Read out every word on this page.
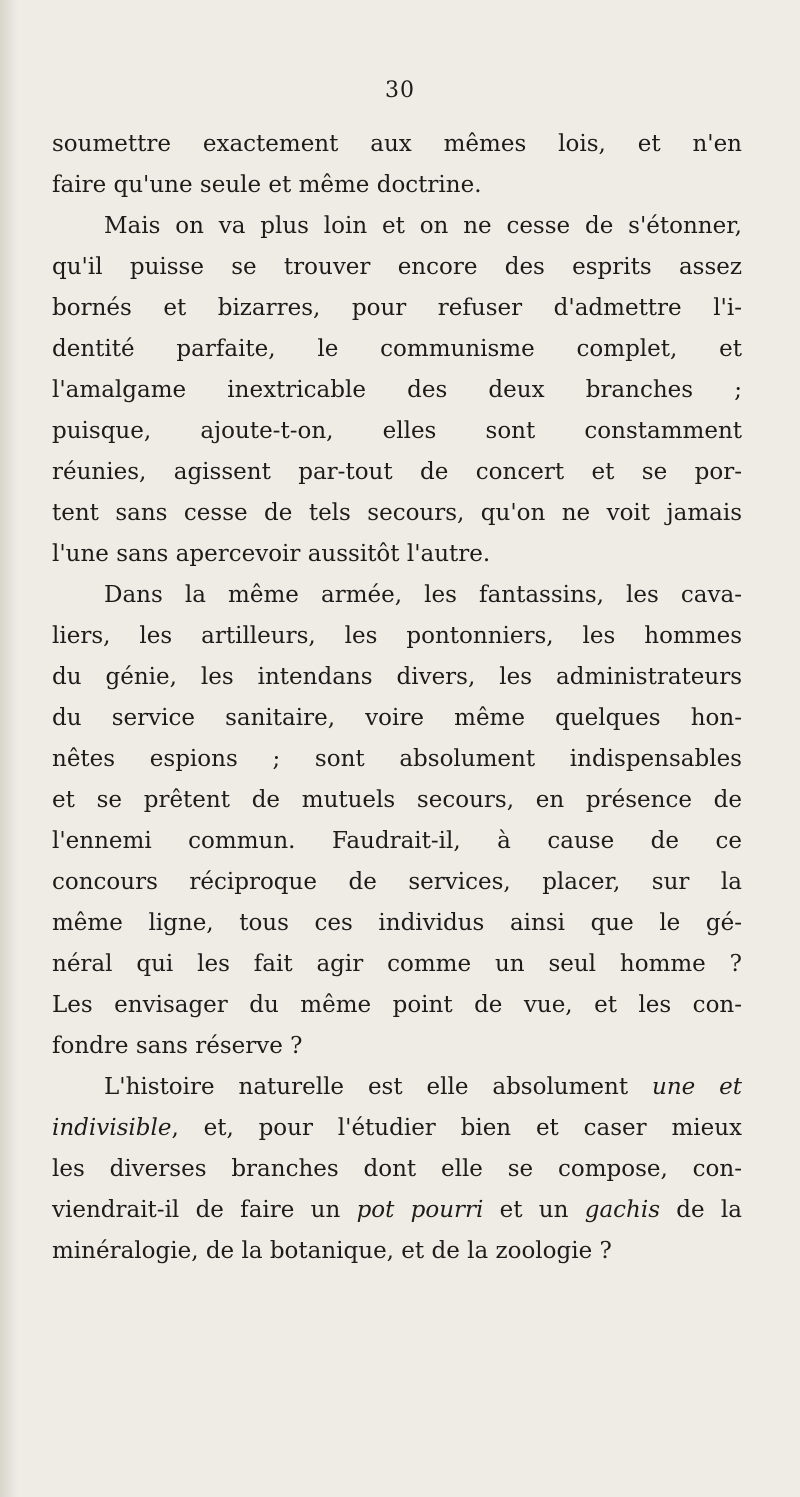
30
soumettre exactement aux mêmes lois, et n'en
faire qu'une seule et même doctrine.
Mais on va plus loin et on ne cesse de s'étonner,
qu'il puisse se trouver encore des esprits assez
bornés et bizarres, pour refuser d'admettre l'i-
dentité parfaite, le communisme complet, et
l'amalgame inextricable des deux branches ;
puisque, ajoute-t-on, elles sont constamment
réunies, agissent par-tout de concert et se por-
tent sans cesse de tels secours, qu'on ne voit jamais
l'une sans apercevoir aussitôt l'autre.
Dans la même armée, les fantassins, les cava-
liers, les artilleurs, les pontonniers, les hommes
du génie, les intendans divers, les administrateurs
du service sanitaire, voire même quelques hon-
nêtes espions ; sont absolument indispensables
et se prêtent de mutuels secours, en présence de
l'ennemi commun. Faudrait-il, à cause de ce
concours réciproque de services, placer, sur la
même ligne, tous ces individus ainsi que le gé-
néral qui les fait agir comme un seul homme ?
Les envisager du même point de vue, et les con-
fondre sans réserve ?
L'histoire naturelle est elle absolument une et
indivisible, et, pour l'étudier bien et caser mieux
les diverses branches dont elle se compose, con-
viendrait-il de faire un pot pourri et un gachis de la
minéralogie, de la botanique, et de la zoologie ?
